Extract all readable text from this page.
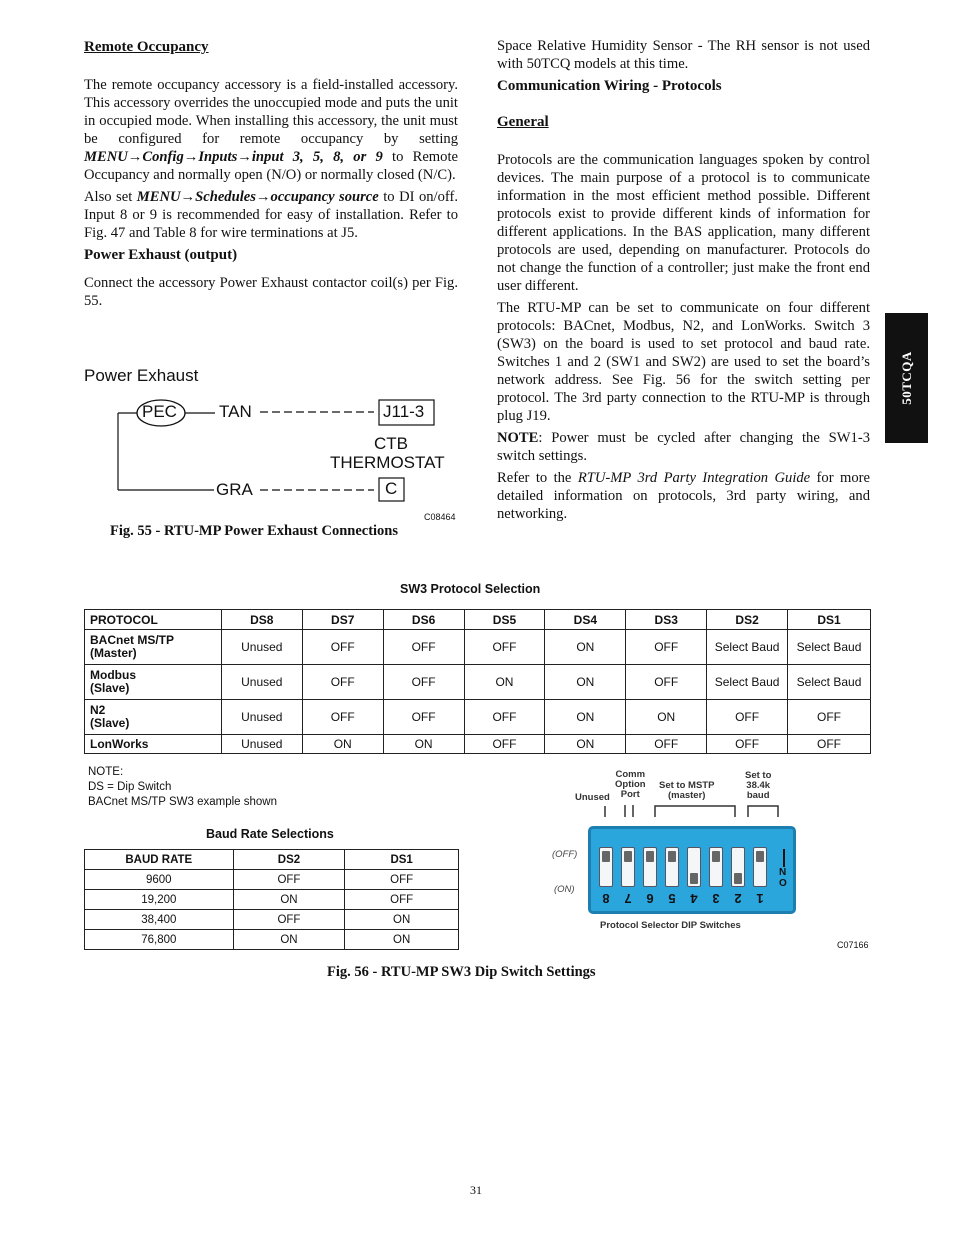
50TCQA
Remote Occupancy

The remote occupancy accessory is a field-installed accessory. This accessory overrides the unoccupied mode and puts the unit in occupied mode. When installing this accessory, the unit must be configured for remote occupancy by setting MENU→Config→Inputs→input 3, 5, 8, or 9 to Remote Occupancy and normally open (N/O) or normally closed (N/C).

Also set MENU→Schedules→occupancy source to DI on/off. Input 8 or 9 is recommended for easy of installation. Refer to Fig. 47 and Table 8 for wire terminations at J5.

Power Exhaust (output)

Connect the accessory Power Exhaust contactor coil(s) per Fig. 55.

Power Exhaust
PEC TAN	J11-3
CTB
THERMOSTAT
GRA	C
C08464
Fig. 55 - RTU-MP Power Exhaust Connections

Space Relative Humidity Sensor - The RH sensor is not used with 50TCQ models at this time.

Communication Wiring - Protocols
General

Protocols are the communication languages spoken by control devices. The main purpose of a protocol is to communicate information in the most efficient method possible. Different protocols exist to provide different kinds of information for different applications. In the BAS application, many different protocols are used, depending on manufacturer. Protocols do not change the function of a controller; just make the front end user different.

The RTU-MP can be set to communicate on four different protocols: BACnet, Modbus, N2, and LonWorks. Switch 3 (SW3) on the board is used to set protocol and baud rate. Switches 1 and 2 (SW1 and SW2) are used to set the board’s network address. See Fig. 56 for the switch setting per protocol. The 3rd party connection to the RTU-MP is through plug J19.

NOTE: Power must be cycled after changing the SW1-3 switch settings.

Refer to the RTU-MP 3rd Party Integration Guide for more detailed information on protocols, 3rd party wiring, and networking.

SW3 Protocol Selection
PROTOCOL	DS8	DS7	DS6	DS5	DS4	DS3	DS2	DS1

BACnet MS/TP
(Master)	Unused	OFF	OFF	OFF	ON	OFF	Select Baud	Select Baud

Modbus
(Slave)	Unused	OFF	OFF	ON	ON	OFF	Select Baud	Select Baud

N2
(Slave)	Unused	OFF	OFF	OFF	ON	ON	OFF	OFF

LonWorks	Unused	ON	ON	OFF	ON	OFF	OFF	OFF
NOTE:
DS = Dip Switch
BACnet MS/TP SW3 example shown
Baud Rate Selections
BAUD RATE	DS2	DS1
9600	OFF	OFF
19,200	ON	OFF
38,400	OFF	ON
76,800	ON	ON
Unused
Comm
Option
Port
Set to MSTP
(master)
Set to
38.4k
baud
(OFF)
(ON)
8 7 6 5 4 3 2 1
N
O
Protocol Selector DIP Switches
C07166
Fig. 56 - RTU-MP SW3 Dip Switch Settings
31
